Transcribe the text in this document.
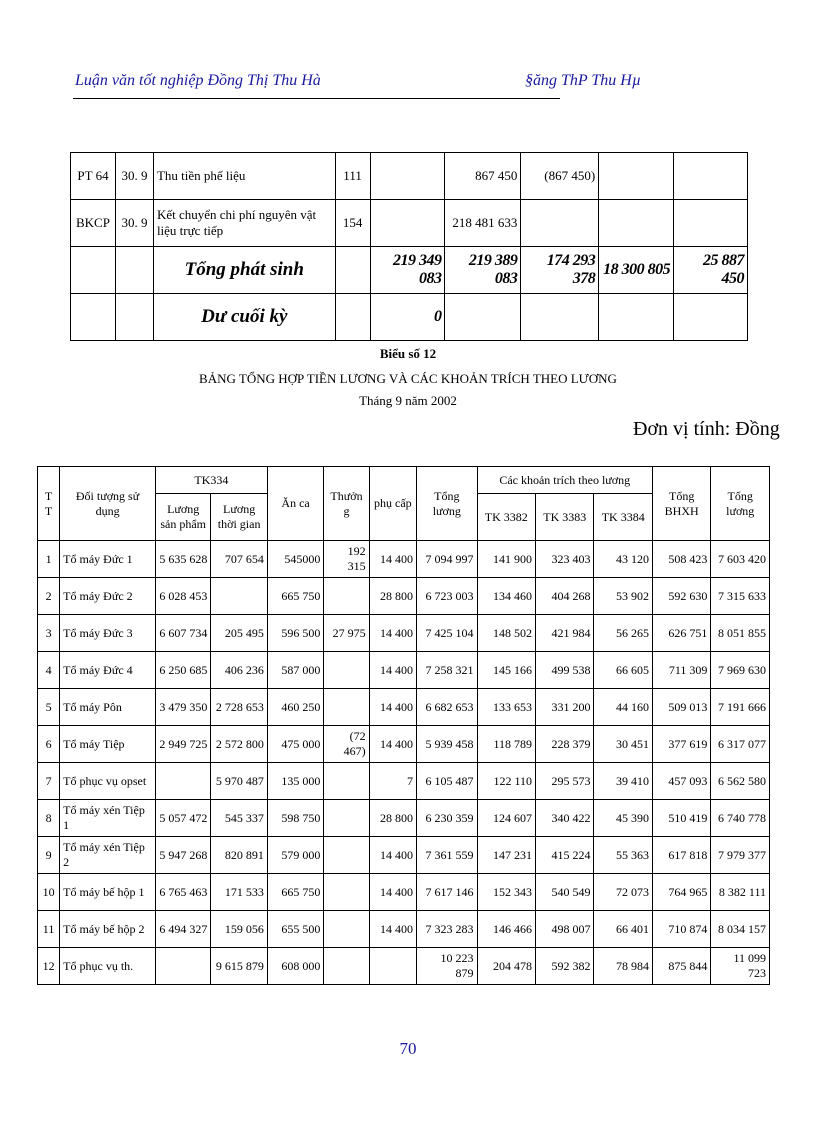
Luận văn tốt nghiệp Đồng Thị Thu Hà	§ăng ThP Thu Hµ
PT 64	30. 9	Thu tiền phế liệu	111		867 450	(867 450)		
BKCP	30. 9	Kết chuyển chi phí nguyên vật liệu trực tiếp	154		218 481 633			
		Tổng phát sinh		219 349 083	219 389 083	174 293 378	18 300 805	25 887 450
		Dư cuối kỳ		0				
Biểu số 12
BẢNG TỔNG HỢP TIỀN LƯƠNG VÀ CÁC KHOẢN TRÍCH THEO LƯƠNG
Tháng 9 năm 2002
Đơn vị tính: Đồng
T T	Đối tượng sử dụng	TK334		Ăn ca	Thưởn g	phụ cấp	Tổng lương	Các khoản trích theo lương			Tổng BHXH	Tổng lương
		Lương sản phẩm	Lương thời gian					TK 3382	TK 3383	TK 3384		
1	Tổ máy Đức 1	5 635 628	707 654	545000	192 315	14 400	7 094 997	141 900	323 403	43 120	508 423	7 603 420
2	Tổ máy Đức 2	6 028 453		665 750		28 800	6 723 003	134 460	404 268	53 902	592 630	7 315 633
3	Tổ máy Đức 3	6 607 734	205 495	596 500	27 975	14 400	7 425 104	148 502	421 984	56 265	626 751	8 051 855
4	Tổ máy Đức 4	6 250 685	406 236	587 000		14 400	7 258 321	145 166	499 538	66 605	711 309	7 969 630
5	Tổ máy Pôn	3 479 350	2 728 653	460 250		14 400	6 682 653	133 653	331 200	44 160	509 013	7 191 666
6	Tổ máy Tiệp	2 949 725	2 572 800	475 000	(72 467)	14 400	5 939 458	118 789	228 379	30 451	377 619	6 317 077
7	Tổ phục vụ opset		5 970 487	135 000		7	6 105 487	122 110	295 573	39 410	457 093	6 562 580
8	Tổ máy xén Tiệp 1	5 057 472	545 337	598 750		28 800	6 230 359	124 607	340 422	45 390	510 419	6 740 778
9	Tổ máy xén Tiệp 2	5 947 268	820 891	579 000		14 400	7 361 559	147 231	415 224	55 363	617 818	7 979 377
10	Tổ máy bế hộp 1	6 765 463	171 533	665 750		14 400	7 617 146	152 343	540 549	72 073	764 965	8 382 111
11	Tổ máy bế hộp 2	6 494 327	159 056	655 500		14 400	7 323 283	146 466	498 007	66 401	710 874	8 034 157
12	Tổ phục vụ th.		9 615 879	608 000			10 223 879	204 478	592 382	78 984	875 844	11 099 723
70
